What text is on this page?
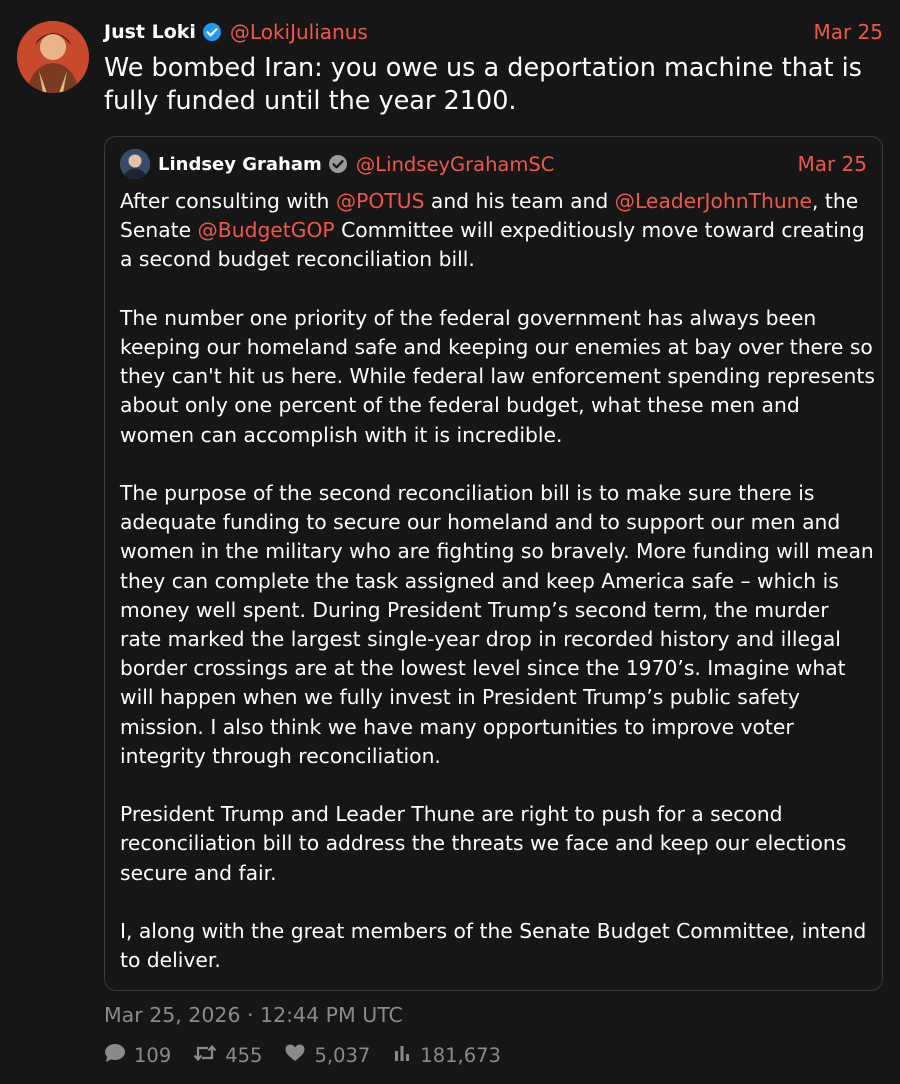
Just Loki @LokiJulianus	Mar 25
We bombed Iran: you owe us a deportation machine that is fully funded until the year 2100.
Lindsey Graham @LindseyGrahamSC	Mar 25

After consulting with @POTUS and his team and @LeaderJohnThune, the Senate @BudgetGOP Committee will expeditiously move toward creating a second budget reconciliation bill.

The number one priority of the federal government has always been keeping our homeland safe and keeping our enemies at bay over there so they can't hit us here. While federal law enforcement spending represents about only one percent of the federal budget, what these men and women can accomplish with it is incredible.

The purpose of the second reconciliation bill is to make sure there is adequate funding to secure our homeland and to support our men and women in the military who are fighting so bravely. More funding will mean they can complete the task assigned and keep America safe – which is money well spent. During President Trump’s second term, the murder rate marked the largest single-year drop in recorded history and illegal border crossings are at the lowest level since the 1970’s. Imagine what will happen when we fully invest in President Trump’s public safety mission. I also think we have many opportunities to improve voter integrity through reconciliation.

President Trump and Leader Thune are right to push for a second reconciliation bill to address the threats we face and keep our elections secure and fair.

I, along with the great members of the Senate Budget Committee, intend to deliver.

Mar 25, 2026 · 12:44 PM UTC
109	455	5,037	181,673
